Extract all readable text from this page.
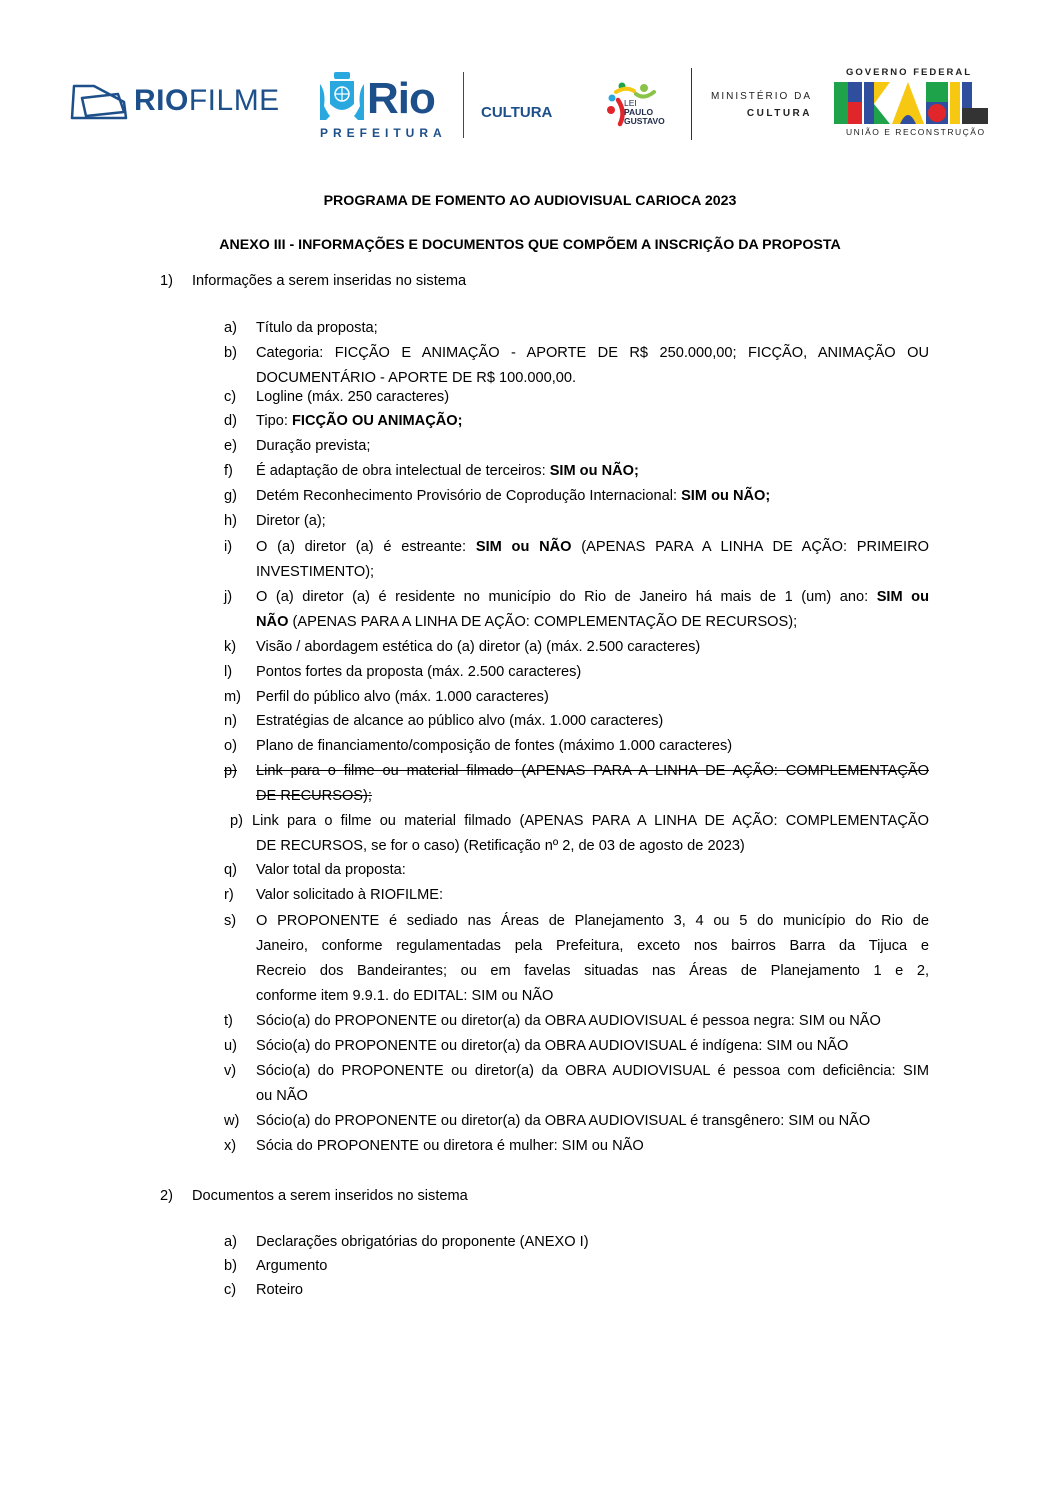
RIOFILME Rio
PREFEITURA
CULTURA
LEI
PAULO
GUSTAVO
MINISTÉRIO DA
CULTURA
GOVERNO FEDERAL
UNIÃO E RECONSTRUÇÃO
PROGRAMA DE FOMENTO AO AUDIOVISUAL CARIOCA 2023
ANEXO III - INFORMAÇÕES E DOCUMENTOS QUE COMPÕEM A INSCRIÇÃO DA PROPOSTA
1) Informações a serem inseridas no sistema
a) Título da proposta;
b) Categoria: FICÇÃO E ANIMAÇÃO - APORTE DE R$ 250.000,00; FICÇÃO, ANIMAÇÃO OU
DOCUMENTÁRIO - APORTE DE R$ 100.000,00.
c) Logline (máx. 250 caracteres)
d) Tipo: FICÇÃO OU ANIMAÇÃO;
e) Duração prevista;
f) É adaptação de obra intelectual de terceiros: SIM ou NÃO;
g) Detém Reconhecimento Provisório de Coprodução Internacional: SIM ou NÃO;
h) Diretor (a);
i) O (a) diretor (a) é estreante: SIM ou NÃO (APENAS PARA A LINHA DE AÇÃO: PRIMEIRO
INVESTIMENTO);
j) O (a) diretor (a) é residente no município do Rio de Janeiro há mais de 1 (um) ano: SIM ou
NÃO (APENAS PARA A LINHA DE AÇÃO: COMPLEMENTAÇÃO DE RECURSOS);
k) Visão / abordagem estética do (a) diretor (a) (máx. 2.500 caracteres)
l) Pontos fortes da proposta (máx. 2.500 caracteres)
m) Perfil do público alvo (máx. 1.000 caracteres)
n) Estratégias de alcance ao público alvo (máx. 1.000 caracteres)
o) Plano de financiamento/composição de fontes (máximo 1.000 caracteres)
p) Link para o filme ou material filmado (APENAS PARA A LINHA DE AÇÃO: COMPLEMENTAÇÃO
DE RECURSOS);
p) Link para o filme ou material filmado (APENAS PARA A LINHA DE AÇÃO: COMPLEMENTAÇÃO
DE RECURSOS, se for o caso) (Retificação nº 2, de 03 de agosto de 2023)
q) Valor total da proposta:
r) Valor solicitado à RIOFILME:
s) O PROPONENTE é sediado nas Áreas de Planejamento 3, 4 ou 5 do município do Rio de
Janeiro, conforme regulamentadas pela Prefeitura, exceto nos bairros Barra da Tijuca e
Recreio dos Bandeirantes; ou em favelas situadas nas Áreas de Planejamento 1 e 2,
conforme item 9.9.1. do EDITAL: SIM ou NÃO
t) Sócio(a) do PROPONENTE ou diretor(a) da OBRA AUDIOVISUAL é pessoa negra: SIM ou NÃO
u) Sócio(a) do PROPONENTE ou diretor(a) da OBRA AUDIOVISUAL é indígena: SIM ou NÃO
v) Sócio(a) do PROPONENTE ou diretor(a) da OBRA AUDIOVISUAL é pessoa com deficiência: SIM
ou NÃO
w) Sócio(a) do PROPONENTE ou diretor(a) da OBRA AUDIOVISUAL é transgênero: SIM ou NÃO
x) Sócia do PROPONENTE ou diretora é mulher: SIM ou NÃO
2) Documentos a serem inseridos no sistema
a) Declarações obrigatórias do proponente (ANEXO I)
b) Argumento
c) Roteiro
